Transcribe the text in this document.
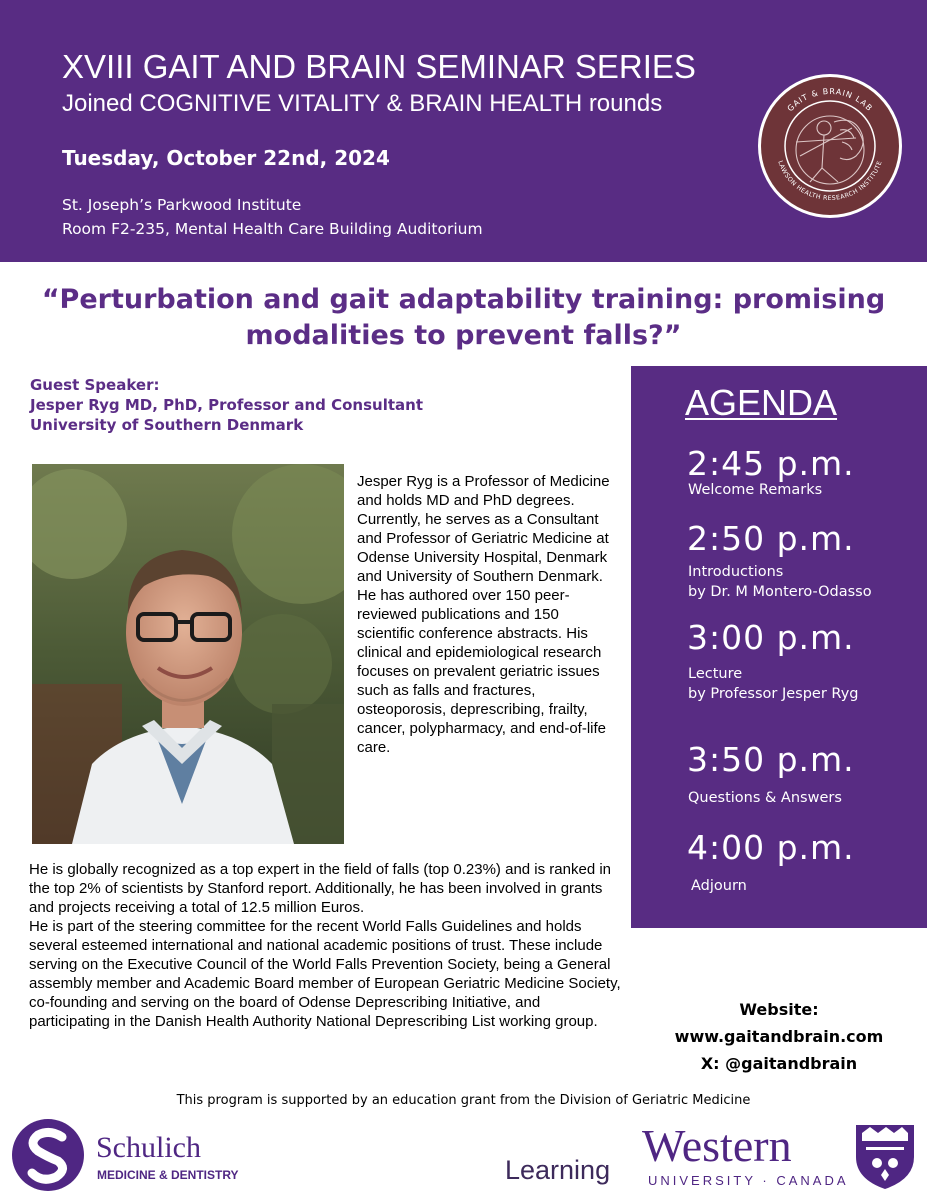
XVIII GAIT AND BRAIN SEMINAR SERIES
Joined COGNITIVE VITALITY & BRAIN HEALTH rounds
Tuesday, October 22nd, 2024
St. Joseph’s Parkwood Institute
Room F2-235, Mental Health Care Building Auditorium
GAIT & BRAIN LAB
LAWSON HEALTH RESEARCH INSTITUTE
“Perturbation and gait adaptability training: promising
modalities to prevent falls?”
Guest Speaker:
Jesper Ryg MD, PhD, Professor and Consultant
University of Southern Denmark
Jesper Ryg is a Professor of Medicine and holds MD and PhD degrees. Currently, he serves as a Consultant and Professor of Geriatric Medicine at Odense University Hospital, Denmark and University of Southern Denmark. He has authored over 150 peer-reviewed publications and 150 scientific conference abstracts. His clinical and epidemiological research focuses on prevalent geriatric issues such as falls and fractures, osteoporosis, deprescribing, frailty, cancer, polypharmacy, and end-of-life care.

He is globally recognized as a top expert in the field of falls (top 0.23%) and is ranked in the top 2% of scientists by Stanford report. Additionally, he has been involved in grants and projects receiving a total of 12.5 million Euros.

He is part of the steering committee for the recent World Falls Guidelines and holds several esteemed international and national academic positions of trust. These include serving on the Executive Council of the World Falls Prevention Society, being a General assembly member and Academic Board member of European Geriatric Medicine Society, co-founding and serving on the board of Odense Deprescribing Initiative, and participating in the Danish Health Authority National Deprescribing List working group.

AGENDA
2:45 p.m.
Welcome Remarks
2:50 p.m.
Introductions
by Dr. M Montero-Odasso
3:00 p.m.
Lecture
by Professor Jesper Ryg
3:50 p.m.
Questions & Answers
4:00 p.m.
Adjourn
Website:
www.gaitandbrain.com
X: @gaitandbrain
This program is supported by an education grant from the Division of Geriatric Medicine
Schulich
MEDICINE & DENTISTRY	Learning Western
UNIVERSITY · CANADA
